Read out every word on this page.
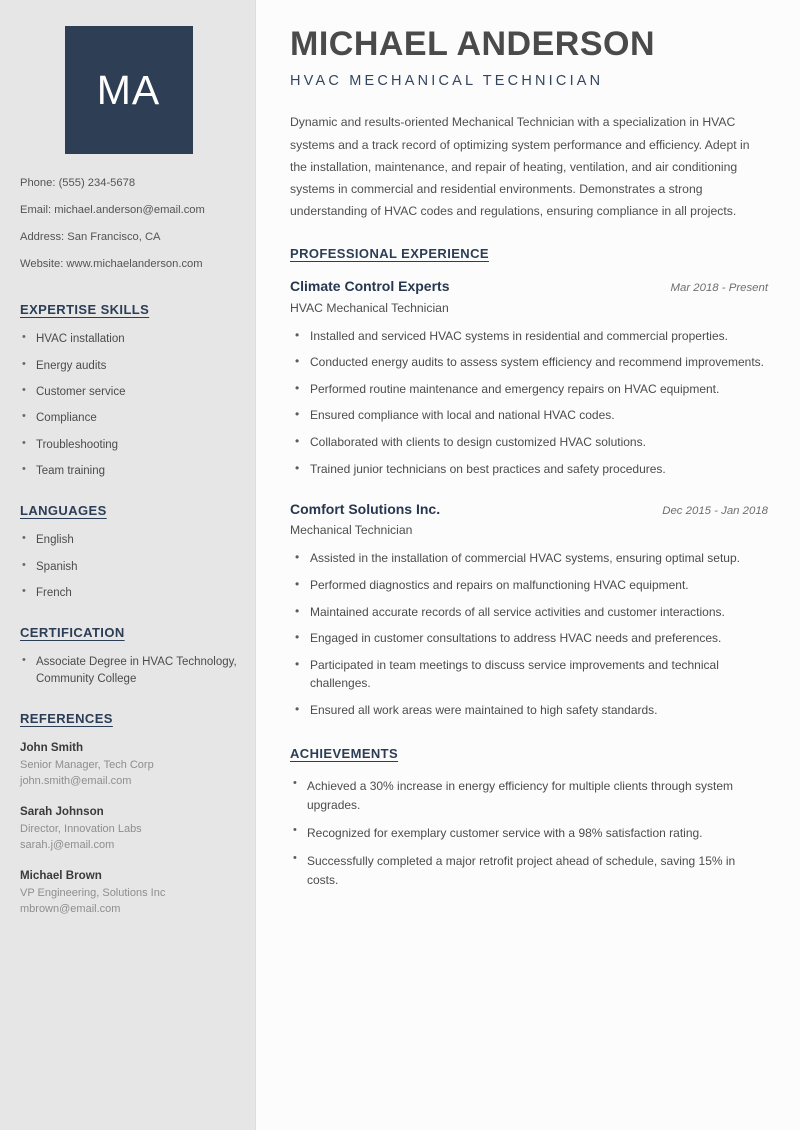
MA
Phone: (555) 234-5678
Email: michael.anderson@email.com
Address: San Francisco, CA
Website: www.michaelanderson.com
EXPERTISE SKILLS
• HVAC installation
• Energy audits
• Customer service
• Compliance
• Troubleshooting
• Team training
LANGUAGES
• English
• Spanish
• French
CERTIFICATION
• Associate Degree in HVAC Technology, Community College
REFERENCES
John Smith
Senior Manager, Tech Corp
john.smith@email.com
Sarah Johnson
Director, Innovation Labs
sarah.j@email.com
Michael Brown
VP Engineering, Solutions Inc
mbrown@email.com
MICHAEL ANDERSON
HVAC MECHANICAL TECHNICIAN

Dynamic and results-oriented Mechanical Technician with a specialization in HVAC systems and a track record of optimizing system performance and efficiency. Adept in the installation, maintenance, and repair of heating, ventilation, and air conditioning systems in commercial and residential environments. Demonstrates a strong understanding of HVAC codes and regulations, ensuring compliance in all projects.

PROFESSIONAL EXPERIENCE
Climate Control Experts	Mar 2018 - Present
HVAC Mechanical Technician
• Installed and serviced HVAC systems in residential and commercial properties.
• Conducted energy audits to assess system efficiency and recommend improvements.
• Performed routine maintenance and emergency repairs on HVAC equipment.
• Ensured compliance with local and national HVAC codes.
• Collaborated with clients to design customized HVAC solutions.
• Trained junior technicians on best practices and safety procedures.
Comfort Solutions Inc.	Dec 2015 - Jan 2018
Mechanical Technician
• Assisted in the installation of commercial HVAC systems, ensuring optimal setup.
• Performed diagnostics and repairs on malfunctioning HVAC equipment.
• Maintained accurate records of all service activities and customer interactions.
• Engaged in customer consultations to address HVAC needs and preferences.
• Participated in team meetings to discuss service improvements and technical challenges.
• Ensured all work areas were maintained to high safety standards.
ACHIEVEMENTS
• Achieved a 30% increase in energy efficiency for multiple clients through system upgrades.
• Recognized for exemplary customer service with a 98% satisfaction rating.
• Successfully completed a major retrofit project ahead of schedule, saving 15% in costs.
